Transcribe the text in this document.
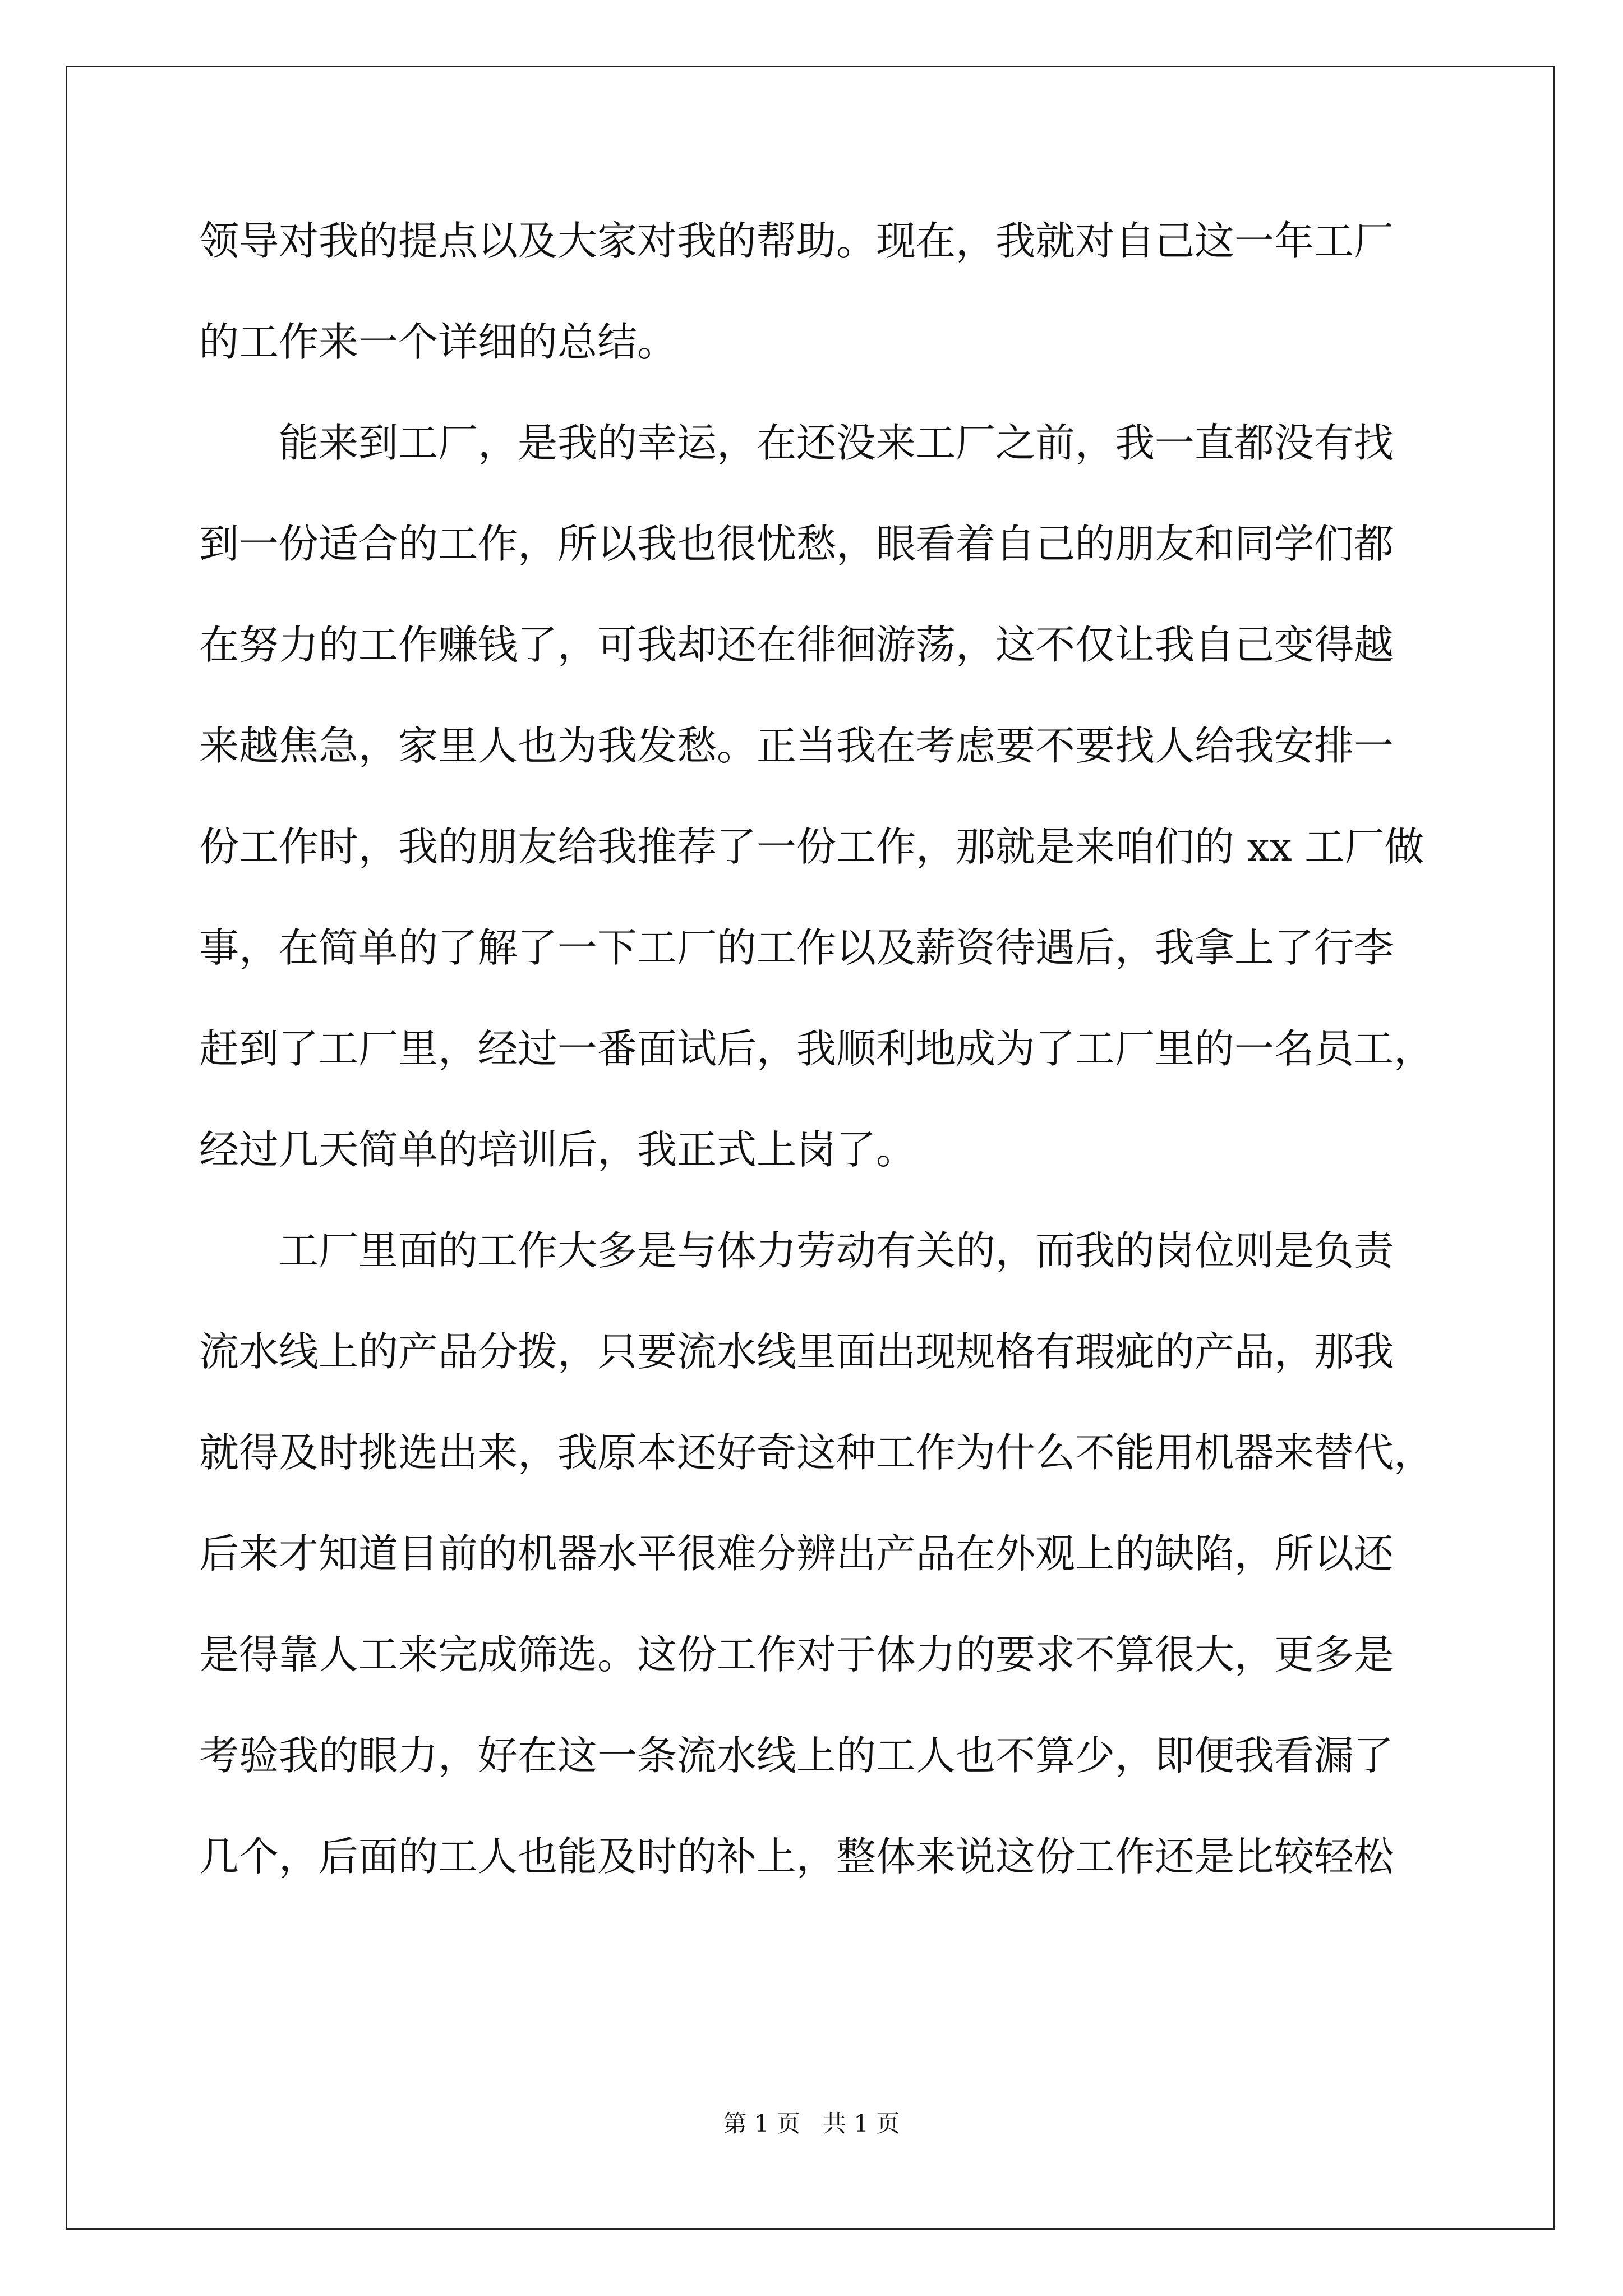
领导对我的提点以及大家对我的帮助。现在，我就对自己这一年工厂
的工作来一个详细的总结。
　　能来到工厂，是我的幸运，在还没来工厂之前，我一直都没有找
到一份适合的工作，所以我也很忧愁，眼看着自己的朋友和同学们都
在努力的工作赚钱了，可我却还在徘徊游荡，这不仅让我自己变得越
来越焦急，家里人也为我发愁。正当我在考虑要不要找人给我安排一
份工作时，我的朋友给我推荐了一份工作，那就是来咱们的 xx 工厂做
事，在简单的了解了一下工厂的工作以及薪资待遇后，我拿上了行李
赶到了工厂里，经过一番面试后，我顺利地成为了工厂里的一名员工，
经过几天简单的培训后，我正式上岗了。
　　工厂里面的工作大多是与体力劳动有关的，而我的岗位则是负责
流水线上的产品分拨，只要流水线里面出现规格有瑕疵的产品，那我
就得及时挑选出来，我原本还好奇这种工作为什么不能用机器来替代，
后来才知道目前的机器水平很难分辨出产品在外观上的缺陷，所以还
是得靠人工来完成筛选。这份工作对于体力的要求不算很大，更多是
考验我的眼力，好在这一条流水线上的工人也不算少，即便我看漏了
几个，后面的工人也能及时的补上，整体来说这份工作还是比较轻松
第 1 页   共 1 页
